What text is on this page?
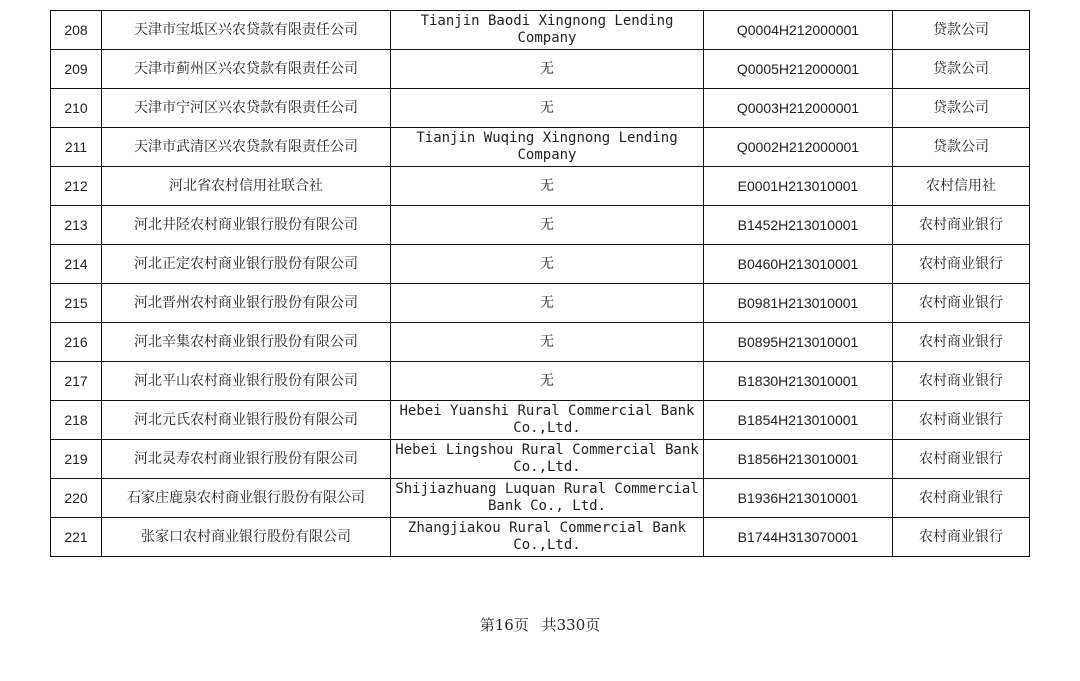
208	天津市宝坻区兴农贷款有限责任公司	Tianjin Baodi Xingnong Lending Company	Q0004H212000001	贷款公司
209	天津市蓟州区兴农贷款有限责任公司	无	Q0005H212000001	贷款公司
210	天津市宁河区兴农贷款有限责任公司	无	Q0003H212000001	贷款公司
211	天津市武清区兴农贷款有限责任公司	Tianjin Wuqing Xingnong Lending Company	Q0002H212000001	贷款公司
212	河北省农村信用社联合社	无	E0001H213010001	农村信用社
213	河北井陉农村商业银行股份有限公司	无	B1452H213010001	农村商业银行
214	河北正定农村商业银行股份有限公司	无	B0460H213010001	农村商业银行
215	河北晋州农村商业银行股份有限公司	无	B0981H213010001	农村商业银行
216	河北辛集农村商业银行股份有限公司	无	B0895H213010001	农村商业银行
217	河北平山农村商业银行股份有限公司	无	B1830H213010001	农村商业银行
218	河北元氏农村商业银行股份有限公司	Hebei Yuanshi Rural Commercial Bank Co.,Ltd.	B1854H213010001	农村商业银行
219	河北灵寿农村商业银行股份有限公司	Hebei Lingshou Rural Commercial Bank Co.,Ltd.	B1856H213010001	农村商业银行
220	石家庄鹿泉农村商业银行股份有限公司	Shijiazhuang Luquan Rural Commercial Bank Co., Ltd.	B1936H213010001	农村商业银行
221	张家口农村商业银行股份有限公司	Zhangjiakou Rural Commercial Bank Co.,Ltd.	B1744H313070001	农村商业银行
第16页 共330页
